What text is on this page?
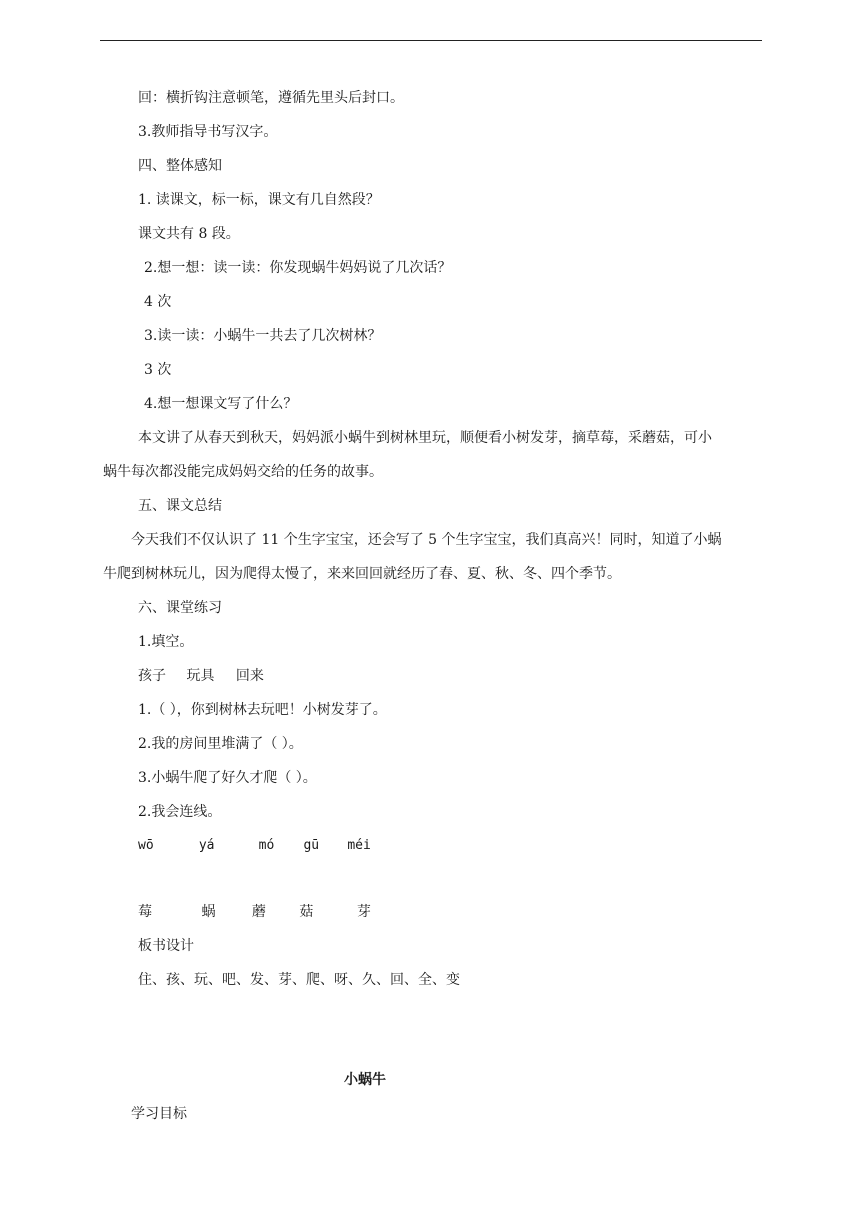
回：横折钩注意顿笔，遵循先里头后封口。
3.教师指导书写汉字。
四、整体感知
1. 读课文，标一标，课文有几自然段？
课文共有 8 段。
2.想一想：读一读：你发现蜗牛妈妈说了几次话？
4 次
3.读一读：小蜗牛一共去了几次树林？
3 次
4.想一想课文写了什么？
本文讲了从春天到秋天，妈妈派小蜗牛到树林里玩，顺便看小树发芽，摘草莓，采蘑菇，可小
蜗牛每次都没能完成妈妈交给的任务的故事。
五、课文总结
今天我们不仅认识了 11 个生字宝宝，还会写了 5 个生字宝宝，我们真高兴！同时，知道了小蜗
牛爬到树林玩儿，因为爬得太慢了，来来回回就经历了春、夏、秋、冬、四个季节。
六、课堂练习
1.填空。
孩子 玩具 回来
1.（ ），你到树林去玩吧！小树发芽了。
2.我的房间里堆满了（ ）。
3.小蜗牛爬了好久才爬（ ）。
2.我会连线。
wō	yá	mó gū méi
莓	蜗	蘑 菇	芽
板书设计
住、孩、玩、吧、发、芽、爬、呀、久、回、全、变
小蜗牛
学习目标
